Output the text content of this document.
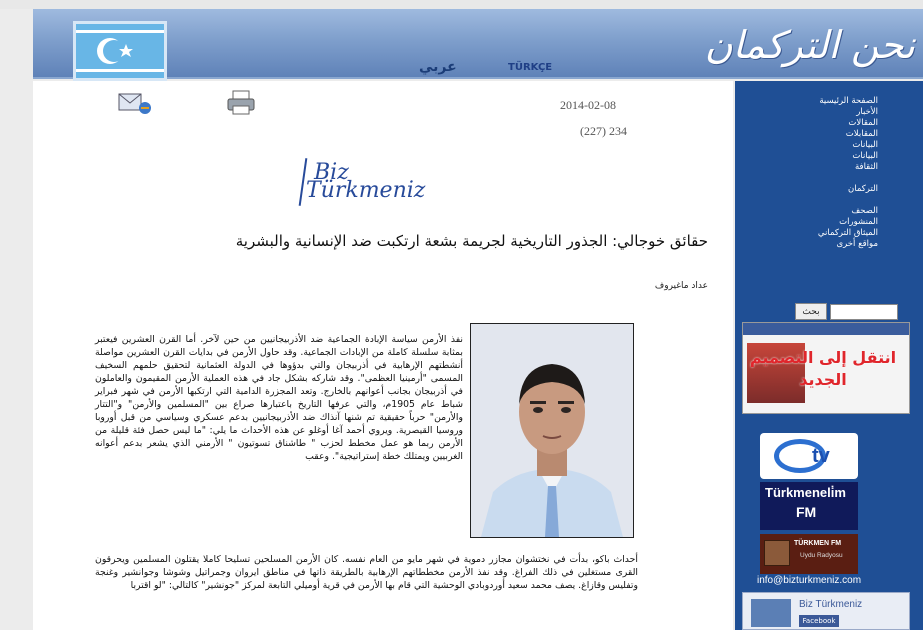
عربي	TÜRKÇE
نحن التركمان
2014-02-08
(227) 234
Biz
Türkmeniz
حقائق خوجالي: الجذور التاريخية لجريمة بشعة ارتكبت ضد الإنسانية والبشرية
عداد ماغيروف

نفذ الأرمن سياسة الإبادة الجماعية ضد الأذربيجانيين من حين لآخر. أما القرن العشرين فيعتبر بمثابة سلسلة كاملة من الإبادات الجماعية. وقد حاول الأرمن في بدايات القرن العشرين مواصلة أنشطتهم الإرهابية في أذربيجان والتي بدؤوها في الدولة العثمانية لتحقيق حلمهم السخيف المسمى "أرمينيا العظمى". وقد شاركه بشكل جاد في هذه العملية الأرمن المقيمون والعاملون في أذربيجان بجانب أعوانهم بالخارج. وتعد المجزرة الدامية التي ارتكبها الأرمن في شهر فبراير شباط عام 1905م، والتي عرفها التاريخ باعتبارها صراع بين "المسلمين والأرمن" و"التتار والأرمن" حرباً حقيقية تم شنها آنذاك ضد الأذربيجانيين بدعم عسكري وسياسي من قبل أوروبا وروسيا القيصرية. ويروي أحمد آغا أوغلو عن هذه الأحداث ما يلي: "ما ليس حصل فئة قليلة من الأرمن ربما هو عمل مخطط لحزب " طاشناق تسوتيون " الأرمني الذي يشعر بدعم أعوانه الغربيين ويمتلك خطة إستراتيجية". وعقب

أحداث باكو، بدأت في نختشوان مجازر دموية في شهر مايو من العام نفسه. كان الأرمن المسلحين تسليحا كاملا يقتلون المسلمين ويحرقون القرى مستغلين في ذلك الفراغ. وقد نفذ الأرمن مخططاتهم الإرهابية بالطريقة ذاتها في مناطق ايروان وجمراتيل وشوشا وجوانشير وغنجة وتفليس وقازاغ. يصف محمد سعيد أوردوبادي الوحشية التي قام بها الأرمن في قرية أوميلي التابعة لمركز "جونشير" كالتالي: "لو اقتربا

الصفحة الرئيسية
الأخبار
المقالات
المقابلات
البيانات
البيانات
الثقافة
التركمان
الصحف
المنشورات
الميثاق التركماني
مواقع أخرى
بحث
انتقل إلى التصميم الجديد
tv
Türkmeneli̇m
FM
TÜRKMEN FM
Uydu Radyosu
info@bizturkmeniz.com
Biz Türkmeniz
Facebook
